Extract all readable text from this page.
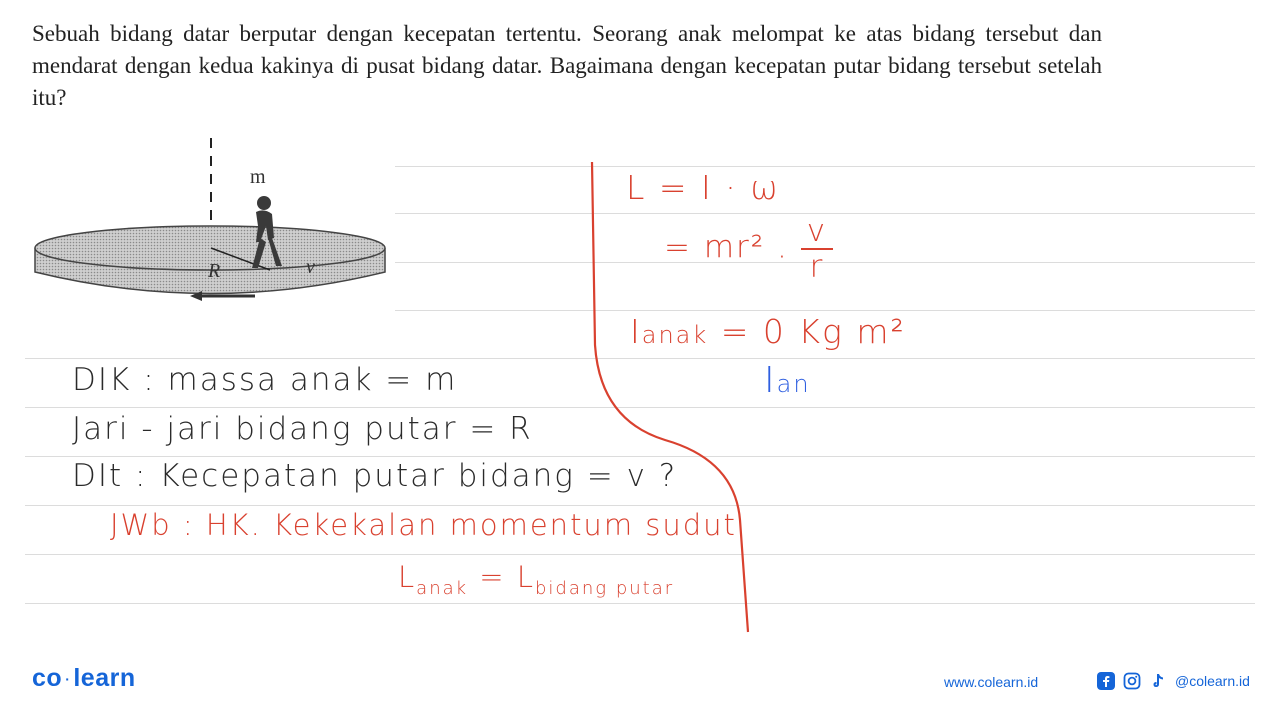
Sebuah bidang datar berputar dengan kecepatan tertentu. Seorang anak melompat ke atas bidang tersebut dan mendarat dengan kedua kakinya di pusat bidang datar. Bagaimana dengan kecepatan putar bidang tersebut setelah itu?
m
R	v
DIK : massa anak = m
Jari - jari bidang putar = R
DIt : Kecepatan putar bidang = v ?
JWb : HK. Kekekalan momentum sudut
$L_{anak} = L_{bidang putar}$
L = I · ω
= mr² . $\frac{v}{r}$
Ianak = 0 Kg m²
Ian
co · learn	www.colearn.id	@colearn.id
